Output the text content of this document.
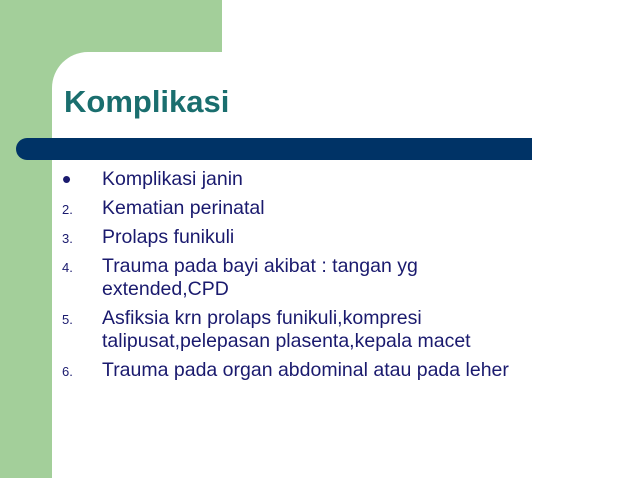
Komplikasi
•	Komplikasi janin
2.	Kematian perinatal
3.	Prolaps funikuli
4.	Trauma pada bayi akibat : tangan yg
extended,CPD
5.	Asfiksia krn prolaps funikuli,kompresi
talipusat,pelepasan plasenta,kepala macet
6.	Trauma pada organ abdominal atau pada leher
